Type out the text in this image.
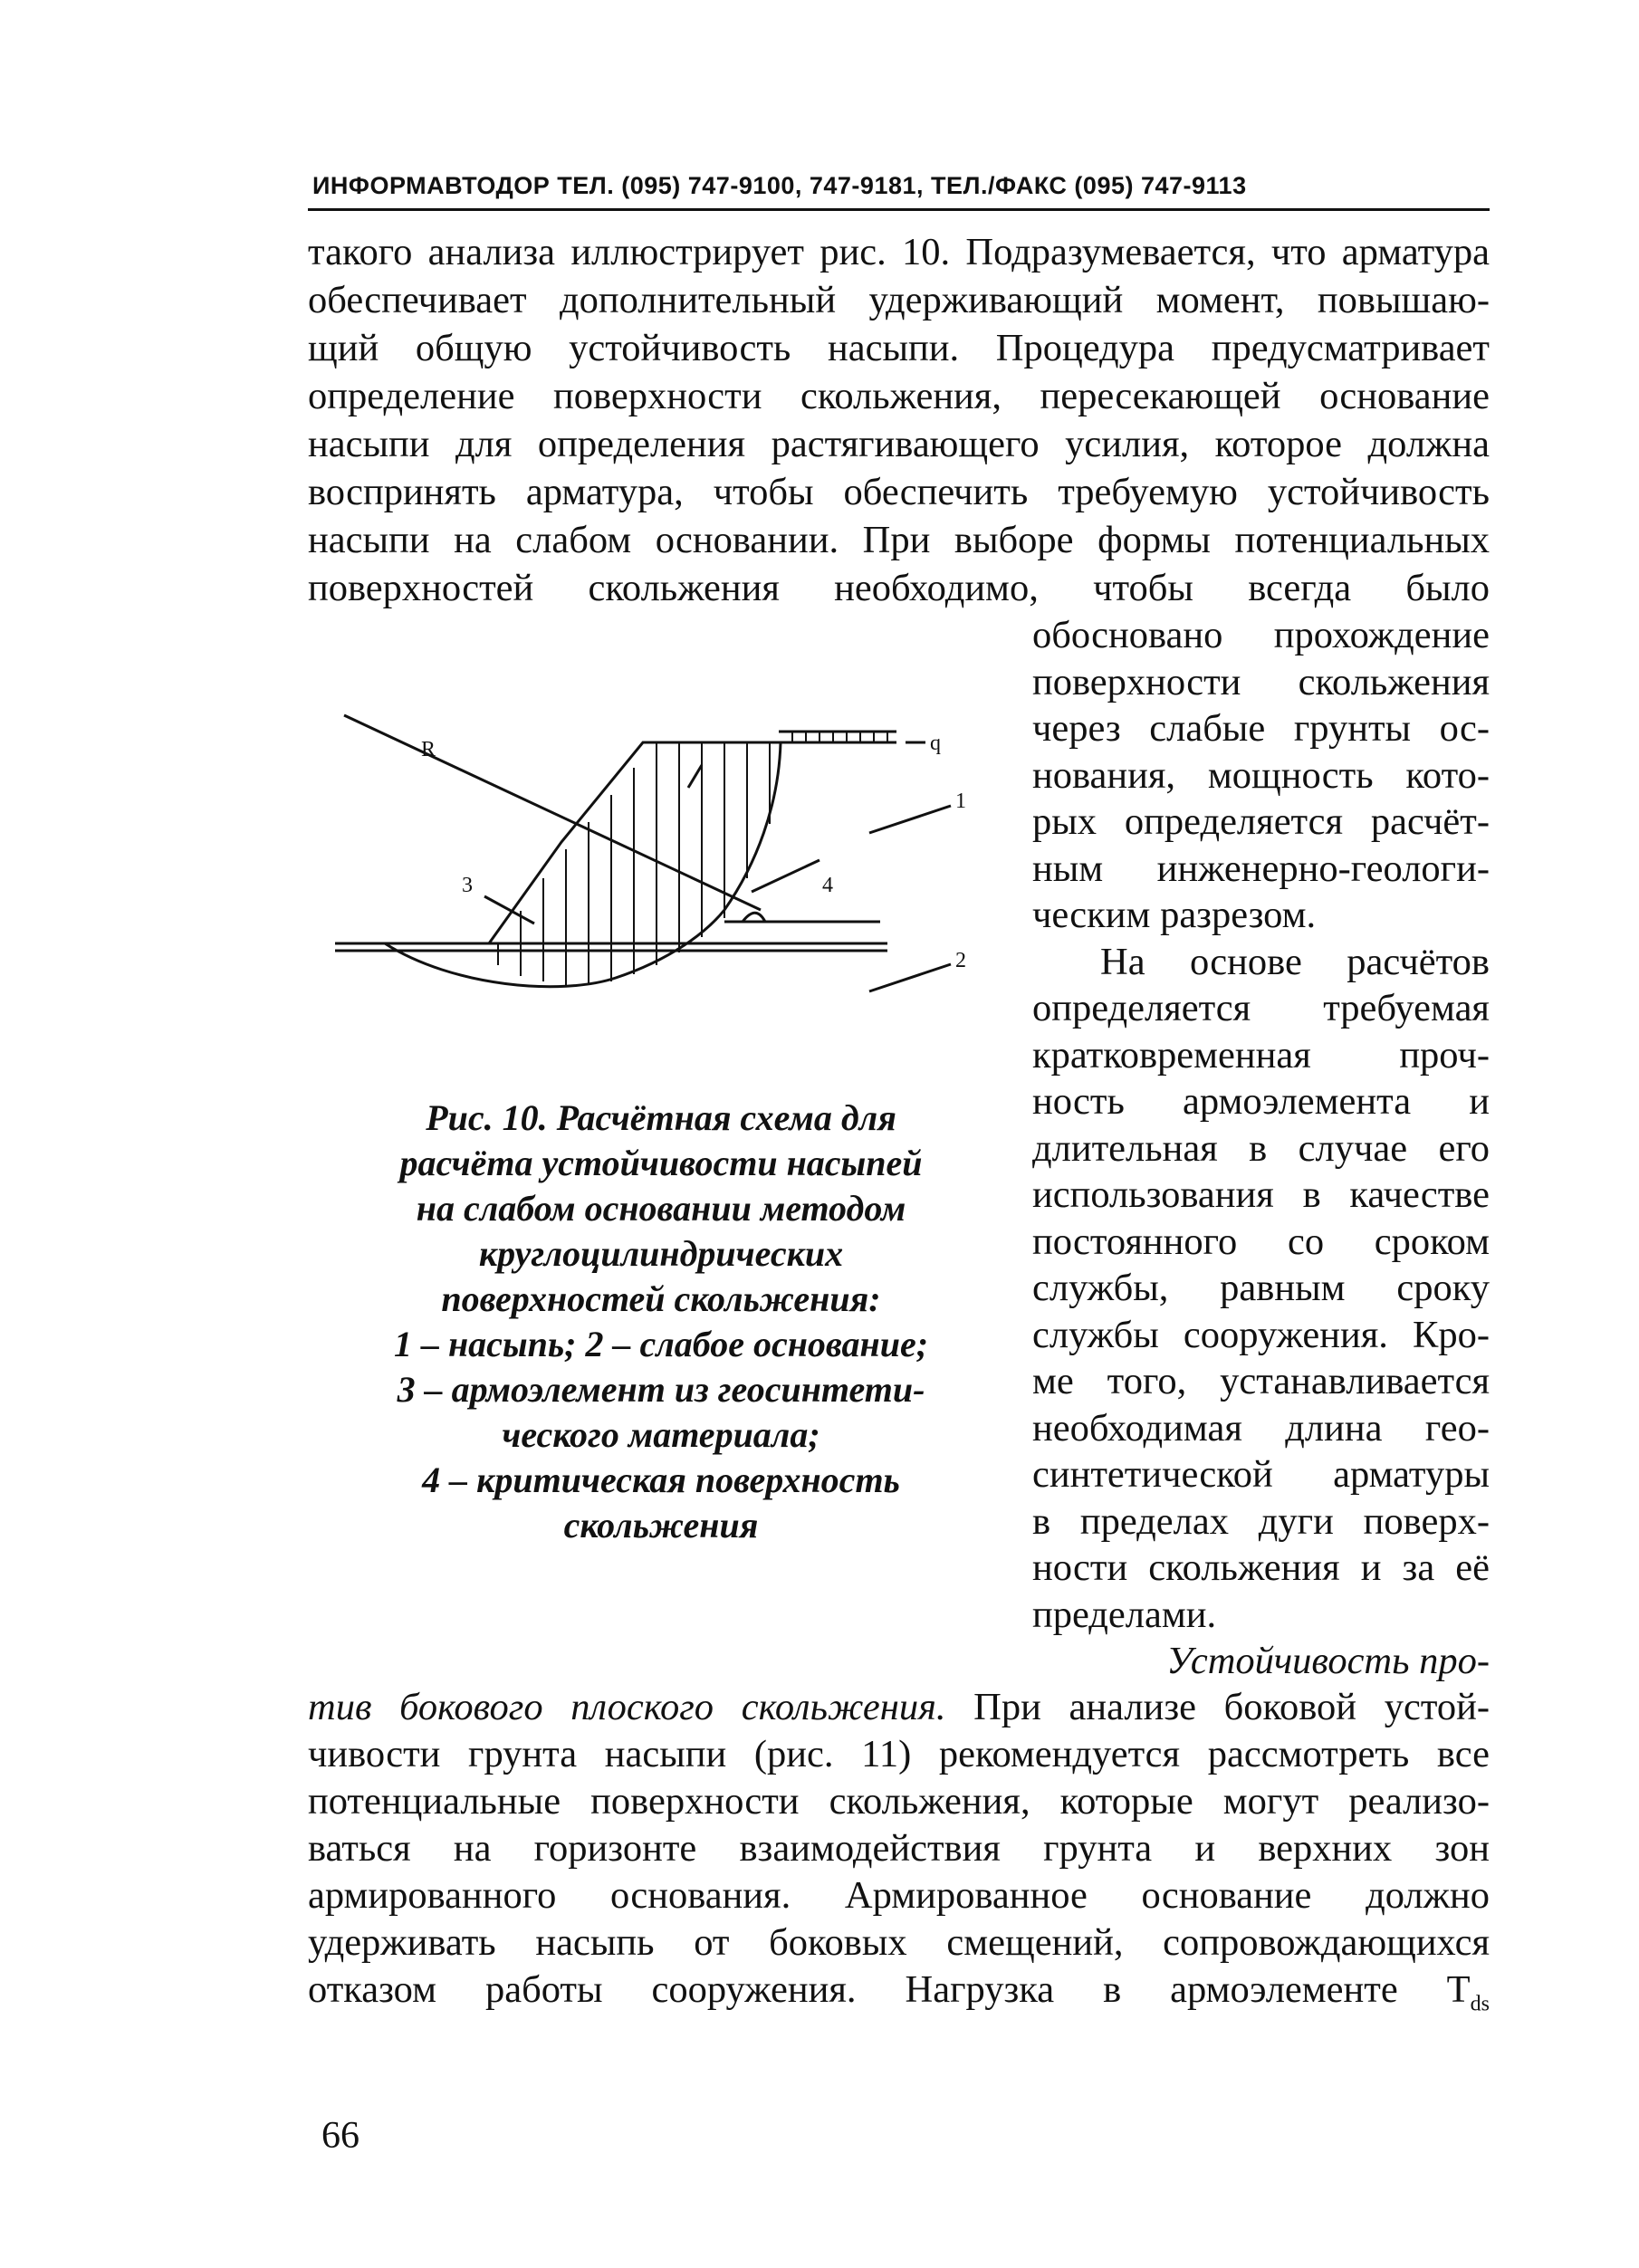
ИНФОРМАВТОДОР ТЕЛ. (095) 747-9100, 747-9181, ТЕЛ./ФАКС (095) 747-9113
такого анализа иллюстрирует рис. 10. Подразумевается, что арматура
обеспечивает дополнительный удерживающий момент, повышаю-
щий общую устойчивость насыпи. Процедура предусматривает
определение поверхности скольжения, пересекающей основание
насыпи для определения растягивающего усилия, которое должна
воспринять арматура, чтобы обеспечить требуемую устойчивость
насыпи на слабом основании. При выборе формы потенциальных
поверхностей скольжения необходимо, чтобы всегда было
R	q
1
2
3	4
Рис. 10. Расчётная схема для
расчёта устойчивости насыпей
на слабом основании методом
круглоцилиндрических
поверхностей скольжения:
1 – насыпь; 2 – слабое основание;
3 – армоэлемент из геосинтети-
ческого материала;
4 – критическая поверхность
скольжения
обосновано прохождение
поверхности скольжения
через слабые грунты ос-
нования, мощность кото-
рых определяется расчёт-
ным инженерно-геологи-
ческим разрезом.
На основе расчётов
определяется требуемая
кратковременная проч-
ность армоэлемента и
длительная в случае его
использования в качестве
постоянного со сроком
службы, равным сроку
службы сооружения. Кро-
ме того, устанавливается
необходимая длина гео-
синтетической арматуры
в пределах дуги поверх-
ности скольжения и за её
пределами.
Устойчивость про-
тив бокового плоского скольжения. При анализе боковой устой-
чивости грунта насыпи (рис. 11) рекомендуется рассмотреть все
потенциальные поверхности скольжения, которые могут реализо-
ваться на горизонте взаимодействия грунта и верхних зон
армированного основания. Армированное основание должно
удерживать насыпь от боковых смещений, сопровождающихся
отказом работы сооружения. Нагрузка в армоэлементе $T_{ds}$
66
